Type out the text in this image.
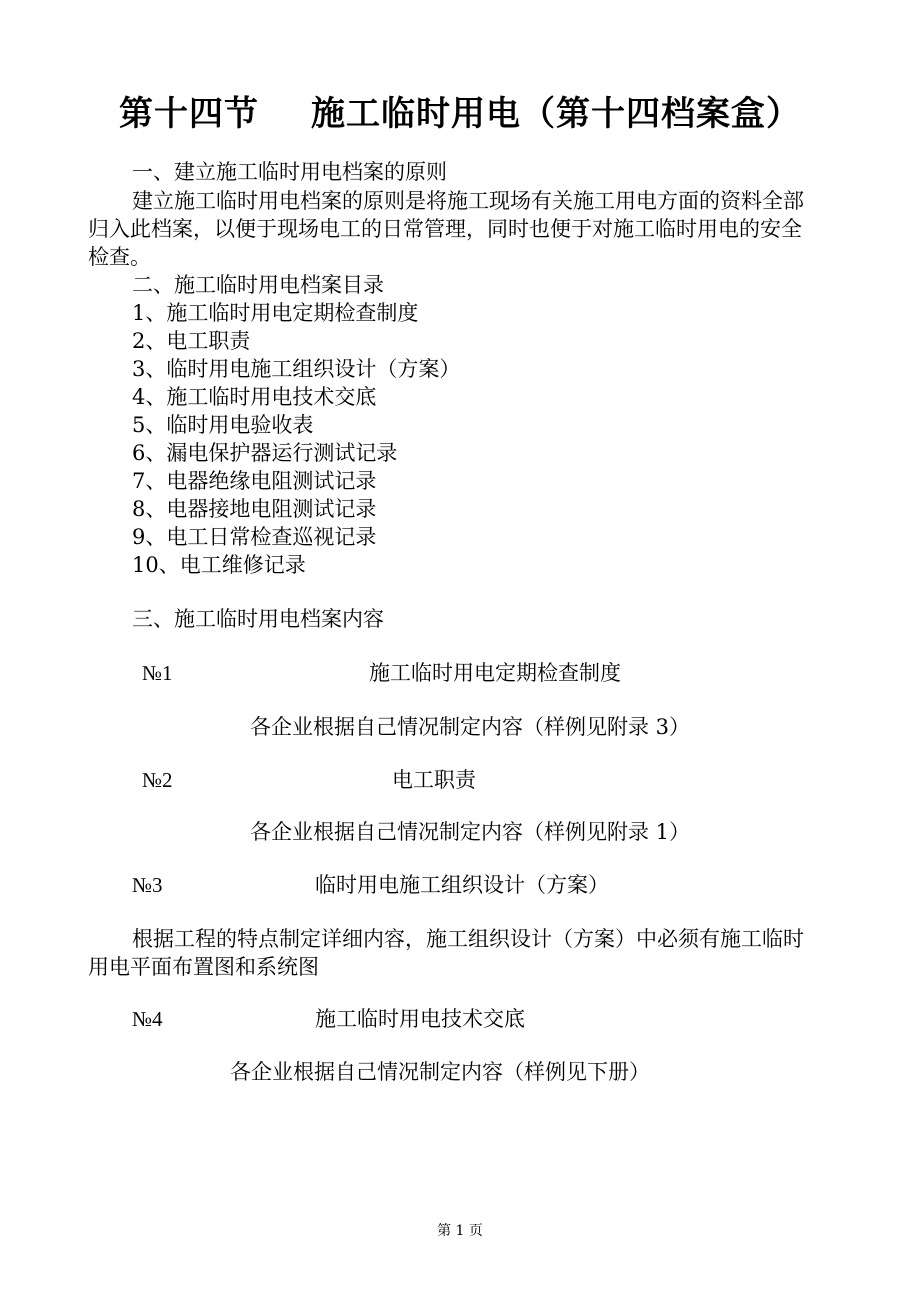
第十四节 施工临时用电（第十四档案盒）
一、建立施工临时用电档案的原则
建立施工临时用电档案的原则是将施工现场有关施工用电方面的资料全部
归入此档案，以便于现场电工的日常管理，同时也便于对施工临时用电的安全
检查。
二、施工临时用电档案目录
1、施工临时用电定期检查制度
2、电工职责
3、临时用电施工组织设计（方案）
4、施工临时用电技术交底
5、临时用电验收表
6、漏电保护器运行测试记录
7、电器绝缘电阻测试记录
8、电器接地电阻测试记录
9、电工日常检查巡视记录
10、电工维修记录
三、施工临时用电档案内容
№1	施工临时用电定期检查制度
各企业根据自己情况制定内容（样例见附录 3）
№2	电工职责
各企业根据自己情况制定内容（样例见附录 1）
№3	临时用电施工组织设计（方案）
根据工程的特点制定详细内容，施工组织设计（方案）中必须有施工临时
用电平面布置图和系统图
№4	施工临时用电技术交底
各企业根据自己情况制定内容（样例见下册）
第 1 页
